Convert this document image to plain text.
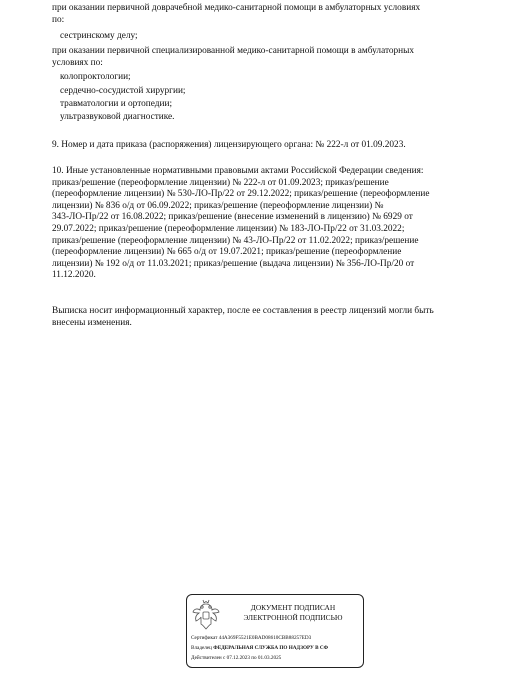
при оказании первичной доврачебной медико-санитарной помощи в амбулаторных условиях
по:
сестринскому делу;
при оказании первичной специализированной медико-санитарной помощи в амбулаторных
условиях по:
колопроктологии;
сердечно-сосудистой хирургии;
травматологии и ортопедии;
ультразвуковой диагностике.
9. Номер и дата приказа (распоряжения) лицензирующего органа: № 222-л от 01.09.2023.
10. Иные установленные нормативными правовыми актами Российской Федерации сведения:
приказ/решение (переоформление лицензии) № 222-л от 01.09.2023; приказ/решение
(переоформление лицензии) № 530-ЛО-Пр/22 от 29.12.2022; приказ/решение (переоформление
лицензии) № 836 о/д от 06.09.2022; приказ/решение (переоформление лицензии) №
343-ЛО-Пр/22 от 16.08.2022; приказ/решение (внесение изменений в лицензию) № 6929 от
29.07.2022; приказ/решение (переоформление лицензии) № 183-ЛО-Пр/22 от 31.03.2022;
приказ/решение (переоформление лицензии) № 43-ЛО-Пр/22 от 11.02.2022; приказ/решение
(переоформление лицензии) № 665 о/д от 19.07.2021; приказ/решение (переоформление
лицензии) № 192 о/д от 11.03.2021; приказ/решение (выдача лицензии) № 356-ЛО-Пр/20 от
11.12.2020.
Выписка носит информационный характер, после ее составления в реестр лицензий могли быть
внесены изменения.
ДОКУМЕНТ ПОДПИСАН
ЭЛЕКТРОННОЙ ПОДПИСЬЮ
Сертификат 44A369F5521E0BAD08610CBB88257ED3
Владелец ФЕДЕРАЛЬНАЯ СЛУЖБА ПО НАДЗОРУ В СФ
Действителен с 07.12.2023 по 01.03.2025
